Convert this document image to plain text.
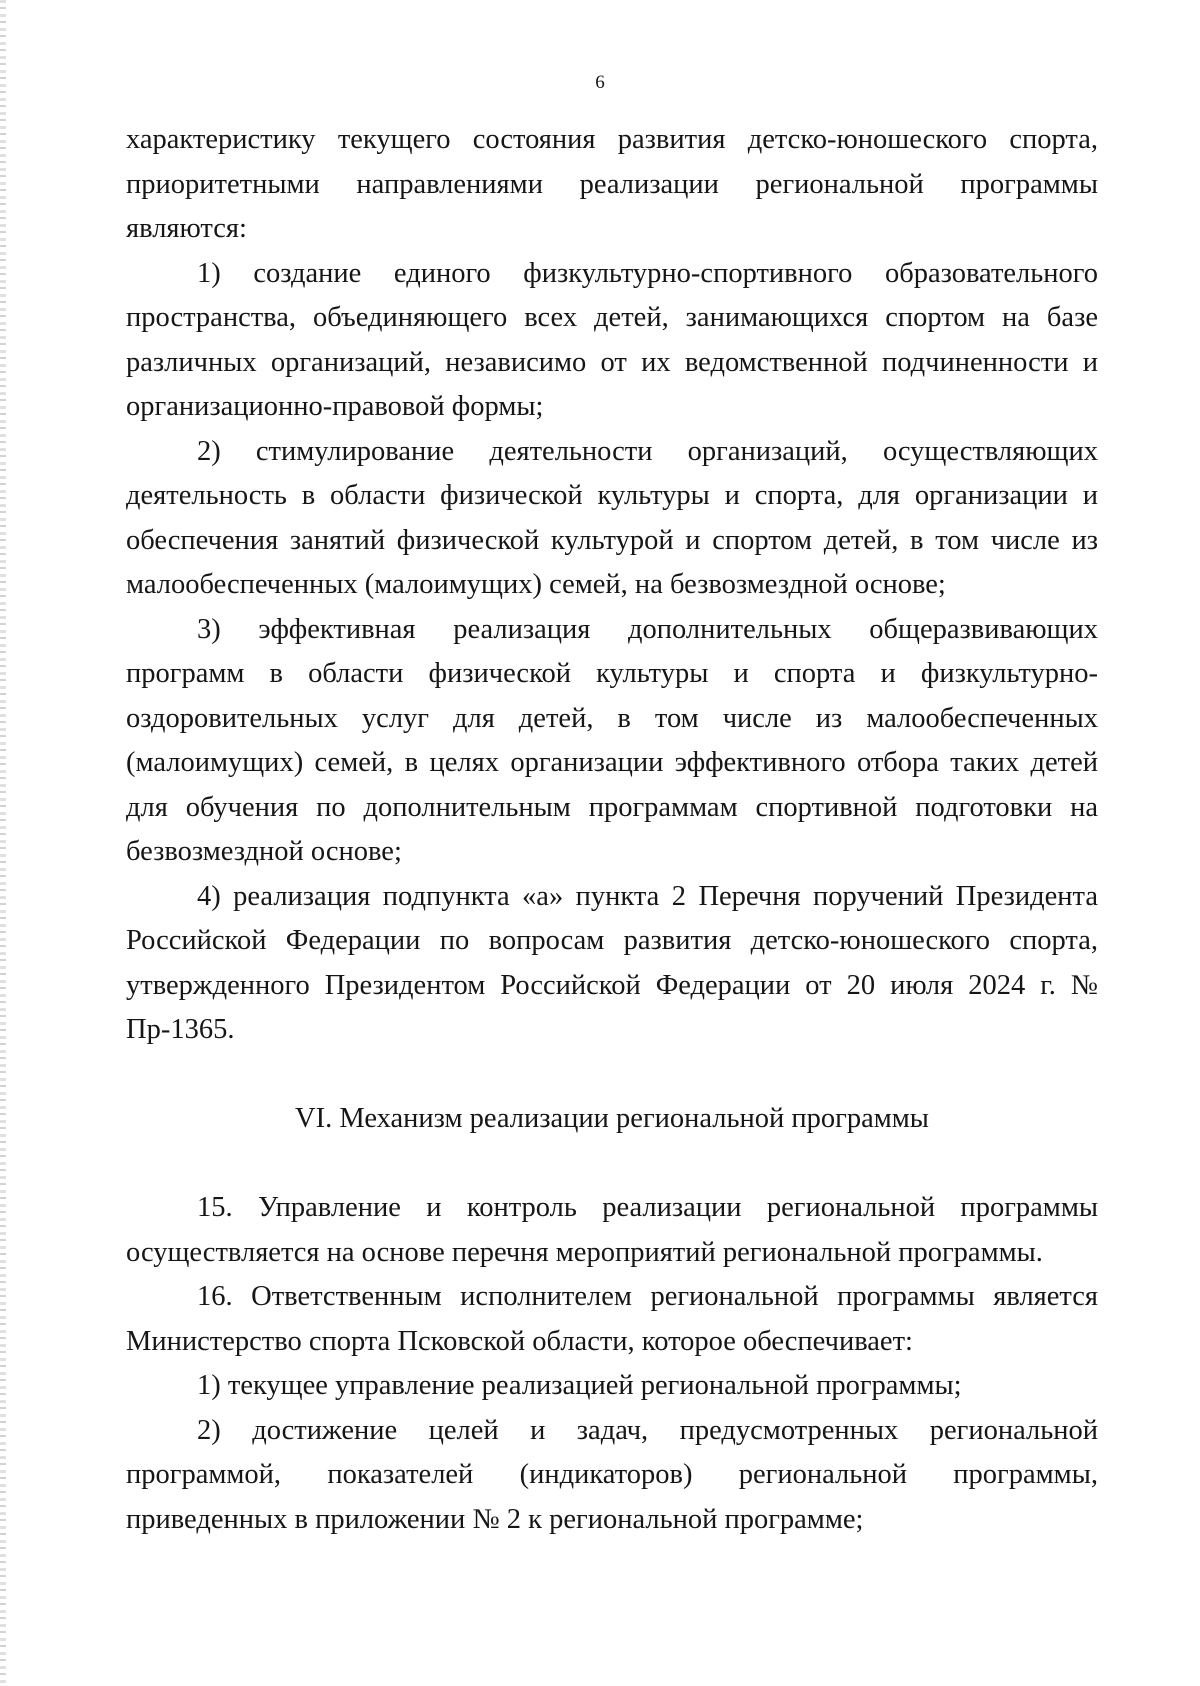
6

характеристику текущего состояния развития детско-юношеского спорта, приоритетными направлениями реализации региональной программы являются:

1) создание единого физкультурно-спортивного образовательного пространства, объединяющего всех детей, занимающихся спортом на базе различных организаций, независимо от их ведомственной подчиненности и организационно-правовой формы;

2) стимулирование деятельности организаций, осуществляющих деятельность в области физической культуры и спорта, для организации и обеспечения занятий физической культурой и спортом детей, в том числе из малообеспеченных (малоимущих) семей, на безвозмездной основе;

3) эффективная реализация дополнительных общеразвивающих программ в области физической культуры и спорта и физкультурно-оздоровительных услуг для детей, в том числе из малообеспеченных (малоимущих) семей, в целях организации эффективного отбора таких детей для обучения по дополнительным программам спортивной подготовки на безвозмездной основе;

4) реализация подпункта «а» пункта 2 Перечня поручений Президента Российской Федерации по вопросам развития детско-юношеского спорта, утвержденного Президентом Российской Федерации от 20 июля 2024 г. № Пр-1365.

VI. Механизм реализации региональной программы

15. Управление и контроль реализации региональной программы осуществляется на основе перечня мероприятий региональной программы.

16. Ответственным исполнителем региональной программы является Министерство спорта Псковской области, которое обеспечивает:

1) текущее управление реализацией региональной программы;

2) достижение целей и задач, предусмотренных региональной программой, показателей (индикаторов) региональной программы, приведенных в приложении № 2 к региональной программе;
